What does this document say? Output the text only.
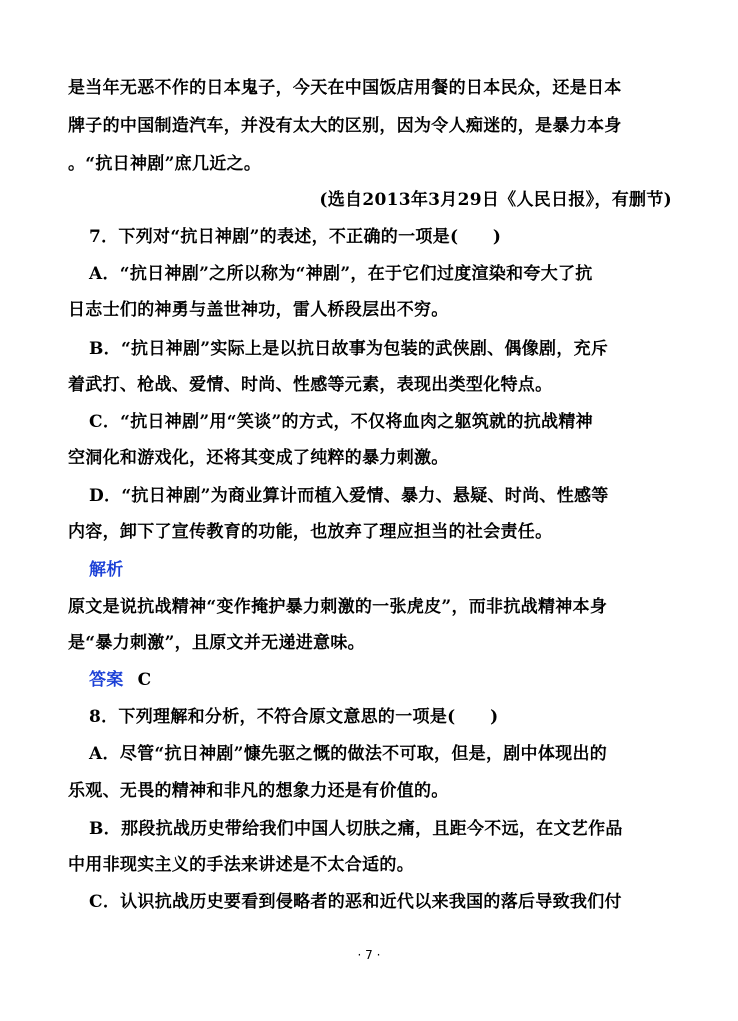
是当年无恶不作的日本鬼子，今天在中国饭店用餐的日本民众，还是日本
牌子的中国制造汽车，并没有太大的区别，因为令人痴迷的，是暴力本身
。“抗日神剧”庶几近之。
(选自2013年3月29日《人民日报》，有删节)
7．下列对“抗日神剧”的表述，不正确的一项是(　　)
A．“抗日神剧”之所以称为“神剧”，在于它们过度渲染和夸大了抗
日志士们的神勇与盖世神功，雷人桥段层出不穷。
B．“抗日神剧”实际上是以抗日故事为包装的武侠剧、偶像剧，充斥
着武打、枪战、爱情、时尚、性感等元素，表现出类型化特点。
C．“抗日神剧”用“笑谈”的方式，不仅将血肉之躯筑就的抗战精神
空洞化和游戏化，还将其变成了纯粹的暴力刺激。
D．“抗日神剧”为商业算计而植入爱情、暴力、悬疑、时尚、性感等
内容，卸下了宣传教育的功能，也放弃了理应担当的社会责任。
解析
原文是说抗战精神“变作掩护暴力刺激的一张虎皮”，而非抗战精神本身
是“暴力刺激”，且原文并无递进意味。
答案 C
8．下列理解和分析，不符合原文意思的一项是(　　)
A．尽管“抗日神剧”慷先驱之慨的做法不可取，但是，剧中体现出的
乐观、无畏的精神和非凡的想象力还是有价值的。
B．那段抗战历史带给我们中国人切肤之痛，且距今不远，在文艺作品
中用非现实主义的手法来讲述是不太合适的。
C．认识抗战历史要看到侵略者的恶和近代以来我国的落后导致我们付
· 7 ·
